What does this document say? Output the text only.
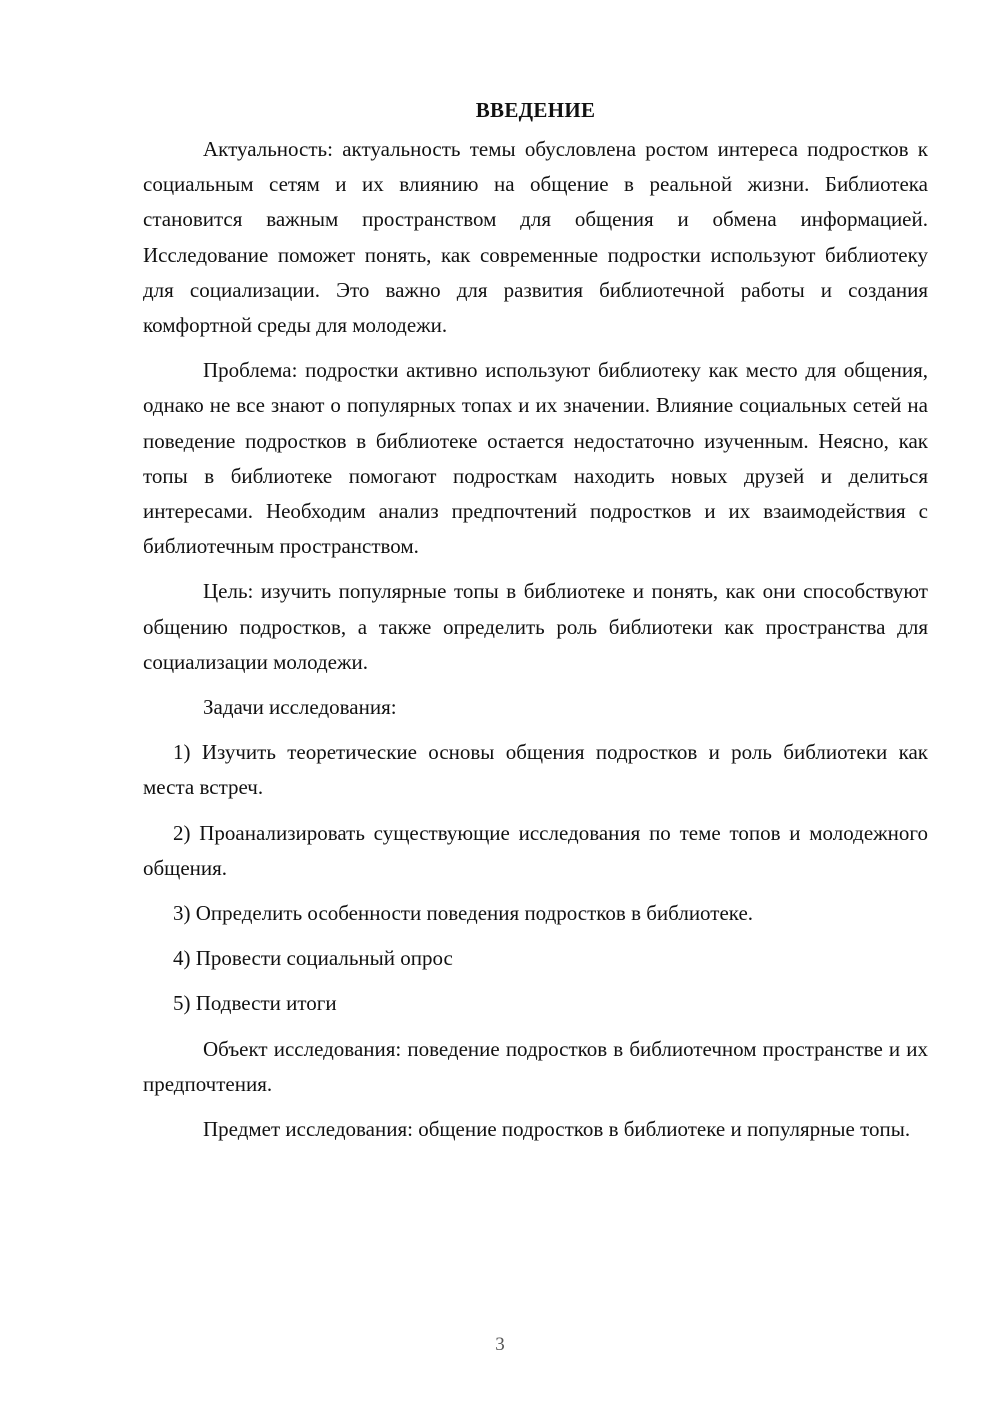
ВВЕДЕНИЕ

Актуальность: актуальность темы обусловлена ростом интереса подростков к социальным сетям и их влиянию на общение в реальной жизни. Библиотека становится важным пространством для общения и обмена информацией. Исследование поможет понять, как современные подростки используют библиотеку для социализации. Это важно для развития библиотечной работы и создания комфортной среды для молодежи.

Проблема: подростки активно используют библиотеку как место для общения, однако не все знают о популярных топах и их значении. Влияние социальных сетей на поведение подростков в библиотеке остается недостаточно изученным. Неясно, как топы в библиотеке помогают подросткам находить новых друзей и делиться интересами. Необходим анализ предпочтений подростков и их взаимодействия с библиотечным пространством.

Цель: изучить популярные топы в библиотеке и понять, как они способствуют общению подростков, а также определить роль библиотеки как пространства для социализации молодежи.

Задачи исследования:

1) Изучить теоретические основы общения подростков и роль библиотеки как места встреч.

2) Проанализировать существующие исследования по теме топов и молодежного общения.

3) Определить особенности поведения подростков в библиотеке.

4) Провести социальный опрос

5) Подвести итоги

Объект исследования: поведение подростков в библиотечном пространстве и их предпочтения.

Предмет исследования: общение подростков в библиотеке и популярные топы.

3
